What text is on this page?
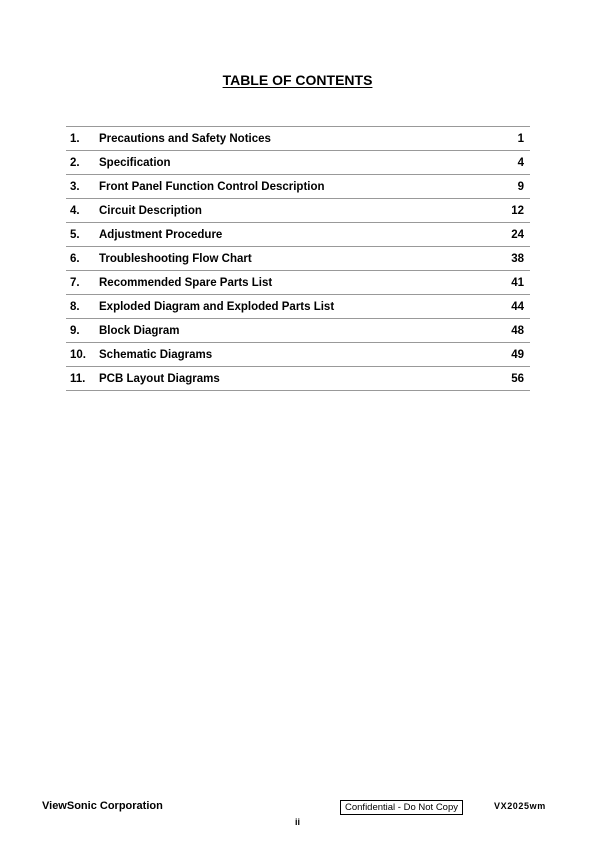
TABLE OF CONTENTS
1.	Precautions and Safety Notices	1
2.	Specification	4
3.	Front Panel Function Control Description	9
4.	Circuit Description	12
5.	Adjustment Procedure	24
6.	Troubleshooting Flow Chart	38
7.	Recommended Spare Parts List	41
8.	Exploded Diagram and Exploded Parts List	44
9.	Block Diagram	48
10.	Schematic Diagrams	49
11.	PCB Layout Diagrams	56
ViewSonic Corporation	Confidential - Do Not Copy	VX2025wm
ii
